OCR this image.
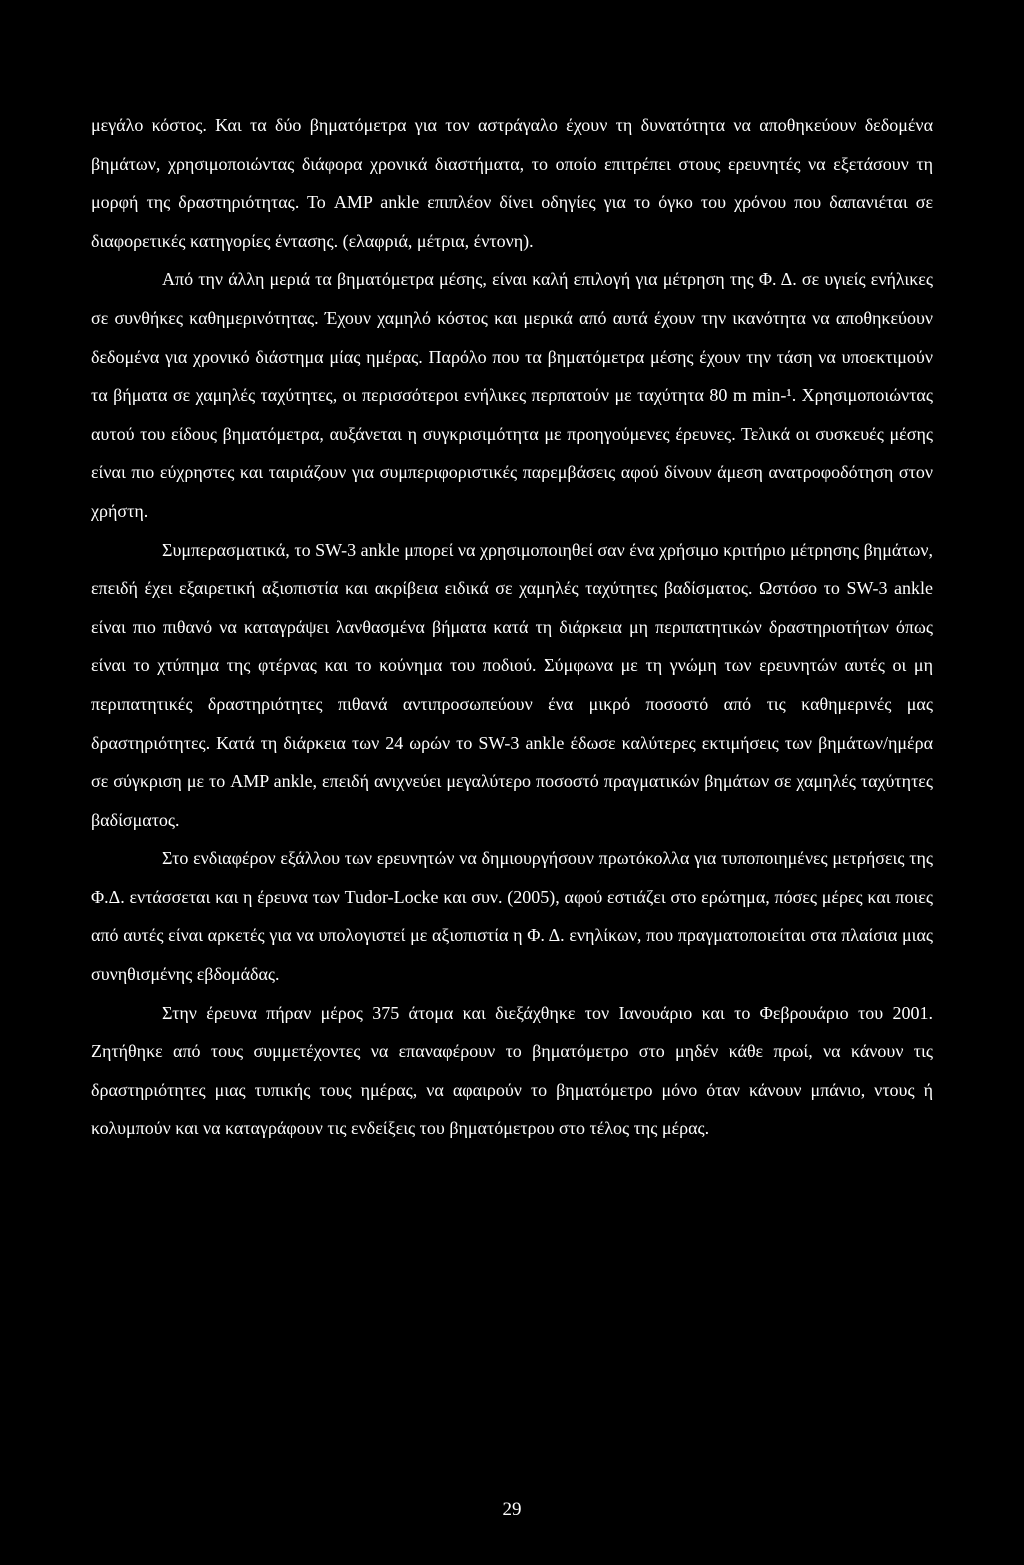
μεγάλο κόστος. Και τα δύο βηματόμετρα για τον αστράγαλο έχουν τη δυνατότητα να αποθηκεύουν δεδομένα βημάτων, χρησιμοποιώντας διάφορα χρονικά διαστήματα, το οποίο επιτρέπει στους ερευνητές να εξετάσουν τη μορφή της δραστηριότητας. Το AMP ankle επιπλέον δίνει οδηγίες για το όγκο του χρόνου που δαπανιέται σε διαφορετικές κατηγορίες έντασης. (ελαφριά, μέτρια, έντονη).

Από την άλλη μεριά τα βηματόμετρα μέσης, είναι καλή επιλογή για μέτρηση της Φ. Δ. σε υγιείς ενήλικες σε συνθήκες καθημερινότητας. Έχουν χαμηλό κόστος και μερικά από αυτά έχουν την ικανότητα να αποθηκεύουν δεδομένα για χρονικό διάστημα μίας ημέρας. Παρόλο που τα βηματόμετρα μέσης έχουν την τάση να υποεκτιμούν τα βήματα σε χαμηλές ταχύτητες, οι περισσότεροι ενήλικες περπατούν με ταχύτητα 80 m min-¹. Χρησιμοποιώντας αυτού του είδους βηματόμετρα, αυξάνεται η συγκρισιμότητα με προηγούμενες έρευνες. Τελικά οι συσκευές μέσης είναι πιο εύχρηστες και ταιριάζουν για συμπεριφοριστικές παρεμβάσεις αφού δίνουν άμεση ανατροφοδότηση στον χρήστη.

Συμπερασματικά, το SW-3 ankle μπορεί να χρησιμοποιηθεί σαν ένα χρήσιμο κριτήριο μέτρησης βημάτων, επειδή έχει εξαιρετική αξιοπιστία και ακρίβεια ειδικά σε χαμηλές ταχύτητες βαδίσματος. Ωστόσο το SW-3 ankle είναι πιο πιθανό να καταγράψει λανθασμένα βήματα κατά τη διάρκεια μη περιπατητικών δραστηριοτήτων όπως είναι το χτύπημα της φτέρνας και το κούνημα του ποδιού. Σύμφωνα με τη γνώμη των ερευνητών αυτές οι μη περιπατητικές δραστηριότητες πιθανά αντιπροσωπεύουν ένα μικρό ποσοστό από τις καθημερινές μας δραστηριότητες. Κατά τη διάρκεια των 24 ωρών το SW-3 ankle έδωσε καλύτερες εκτιμήσεις των βημάτων/ημέρα σε σύγκριση με το AMP ankle, επειδή ανιχνεύει μεγαλύτερο ποσοστό πραγματικών βημάτων σε χαμηλές ταχύτητες βαδίσματος.

Στο ενδιαφέρον εξάλλου των ερευνητών να δημιουργήσουν πρωτόκολλα για τυποποιημένες μετρήσεις της Φ.Δ. εντάσσεται και η έρευνα των Tudor-Locke και συν. (2005), αφού εστιάζει στο ερώτημα, πόσες μέρες και ποιες από αυτές είναι αρκετές για να υπολογιστεί με αξιοπιστία η Φ. Δ. ενηλίκων, που πραγματοποιείται στα πλαίσια μιας συνηθισμένης εβδομάδας.

Στην έρευνα πήραν μέρος 375 άτομα και διεξάχθηκε τον Ιανουάριο και το Φεβρουάριο του 2001. Ζητήθηκε από τους συμμετέχοντες να επαναφέρουν το βηματόμετρο στο μηδέν κάθε πρωί, να κάνουν τις δραστηριότητες μιας τυπικής τους ημέρας, να αφαιρούν το βηματόμετρο μόνο όταν κάνουν μπάνιο, ντους ή κολυμπούν και να καταγράφουν τις ενδείξεις του βηματόμετρου στο τέλος της μέρας.

29
